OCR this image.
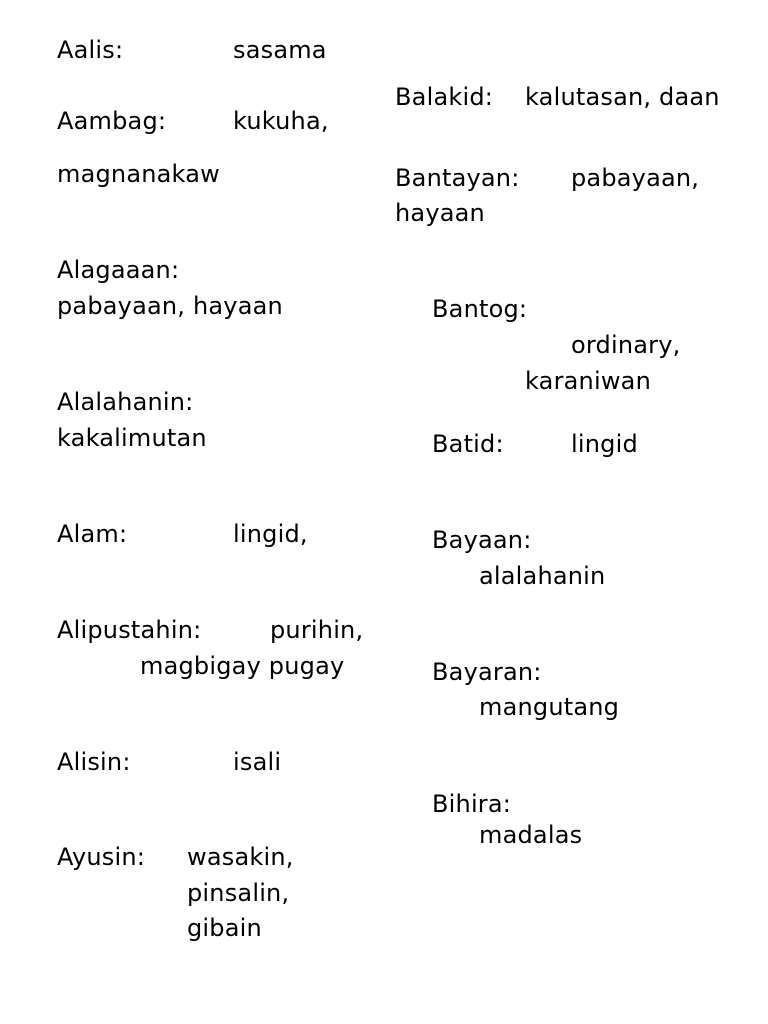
Aalis:	sasama
Aambag:	kukuha,
magnanakaw
Alagaaan:
pabayaan, hayaan
Alalahanin:
kakalimutan
Alam:	lingid,
Alipustahin:	purihin,
magbigay pugay
Alisin:	isali
Ayusin: wasakin,
pinsalin,
gibain
Balakid: kalutasan, daan
Bantayan: pabayaan,
hayaan
Bantog:
ordinary,
karaniwan
Batid:	lingid
Bayaan:
alalahanin
Bayaran:
mangutang
Bihira:
madalas
